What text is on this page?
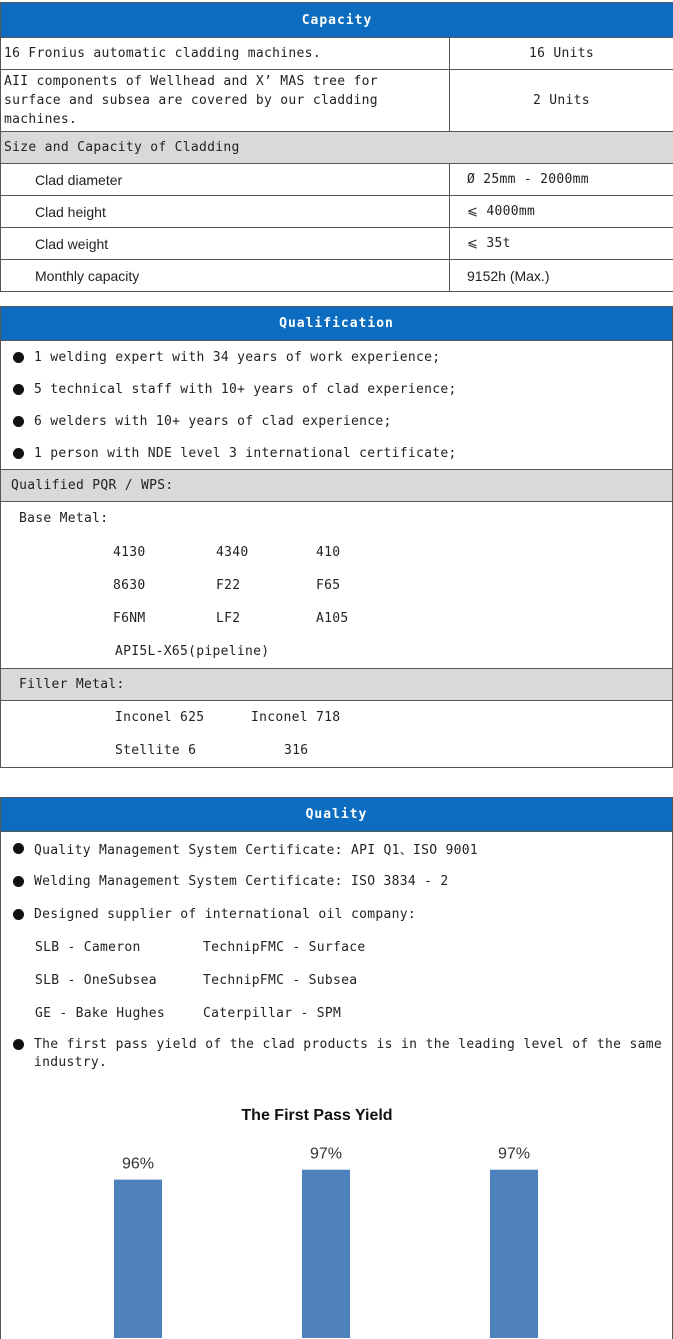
Capacity	
16 Fronius automatic cladding machines.	16 Units
AII components of Wellhead and X’ MAS tree for surface and subsea are covered by our cladding machines.	2 Units
Size and Capacity of Cladding	
Clad diameter	Ø 25mm - 2000mm
Clad height	⩽ 4000mm
Clad weight	⩽ 35t
Monthly capacity	9152h (Max.)
Qualification

1 welding expert with 34 years of work experience;
5 technical staff with 10+ years of clad experience;
6 welders with 10+ years of clad experience;
1 person with NDE level 3 international certificate;

Qualified PQR / WPS:

Base Metal:
4130	4340	410
8630	F22	F65
F6NM	LF2	A105
API5L-X65(pipeline)

Filler Metal:

Inconel 625	Inconel 718
Stellite 6	316
Quality
Quality Management System Certificate: API Q1、ISO 9001
Welding Management System Certificate: ISO 3834 - 2
Designed supplier of international oil company:
SLB - Cameron	TechnipFMC - Surface
SLB - OneSubsea	TechnipFMC - Subsea
GE - Bake Hughes	Caterpillar - SPM
The first pass yield of the clad products is in the leading level of the same industry.
The First Pass Yield
96%
97%	97%
